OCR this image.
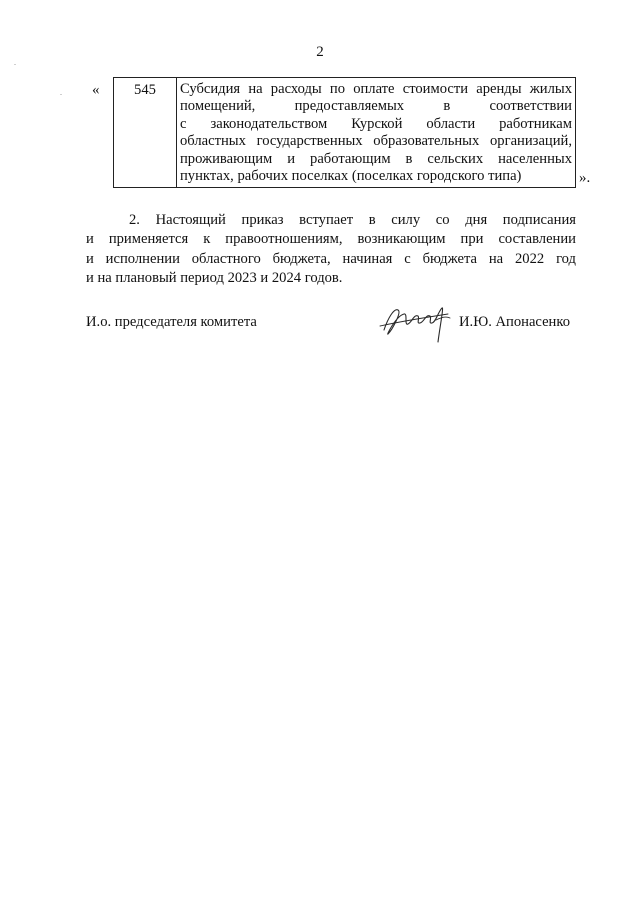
2
« 545	Субсидия на расходы по оплате стоимости аренды жилых
помещений, предоставляемых в соответствии
с законодательством Курской области работникам
областных государственных образовательных организаций,
проживающим и работающим в сельских населенных
пунктах, рабочих поселках (поселках городского типа)	».
2. Настоящий приказ вступает в силу со дня подписания
и применяется к правоотношениям, возникающим при составлении
и исполнении областного бюджета, начиная с бюджета на 2022 год
и на плановый период 2023 и 2024 годов.
И.о. председателя комитета	И.Ю. Апонасенко
